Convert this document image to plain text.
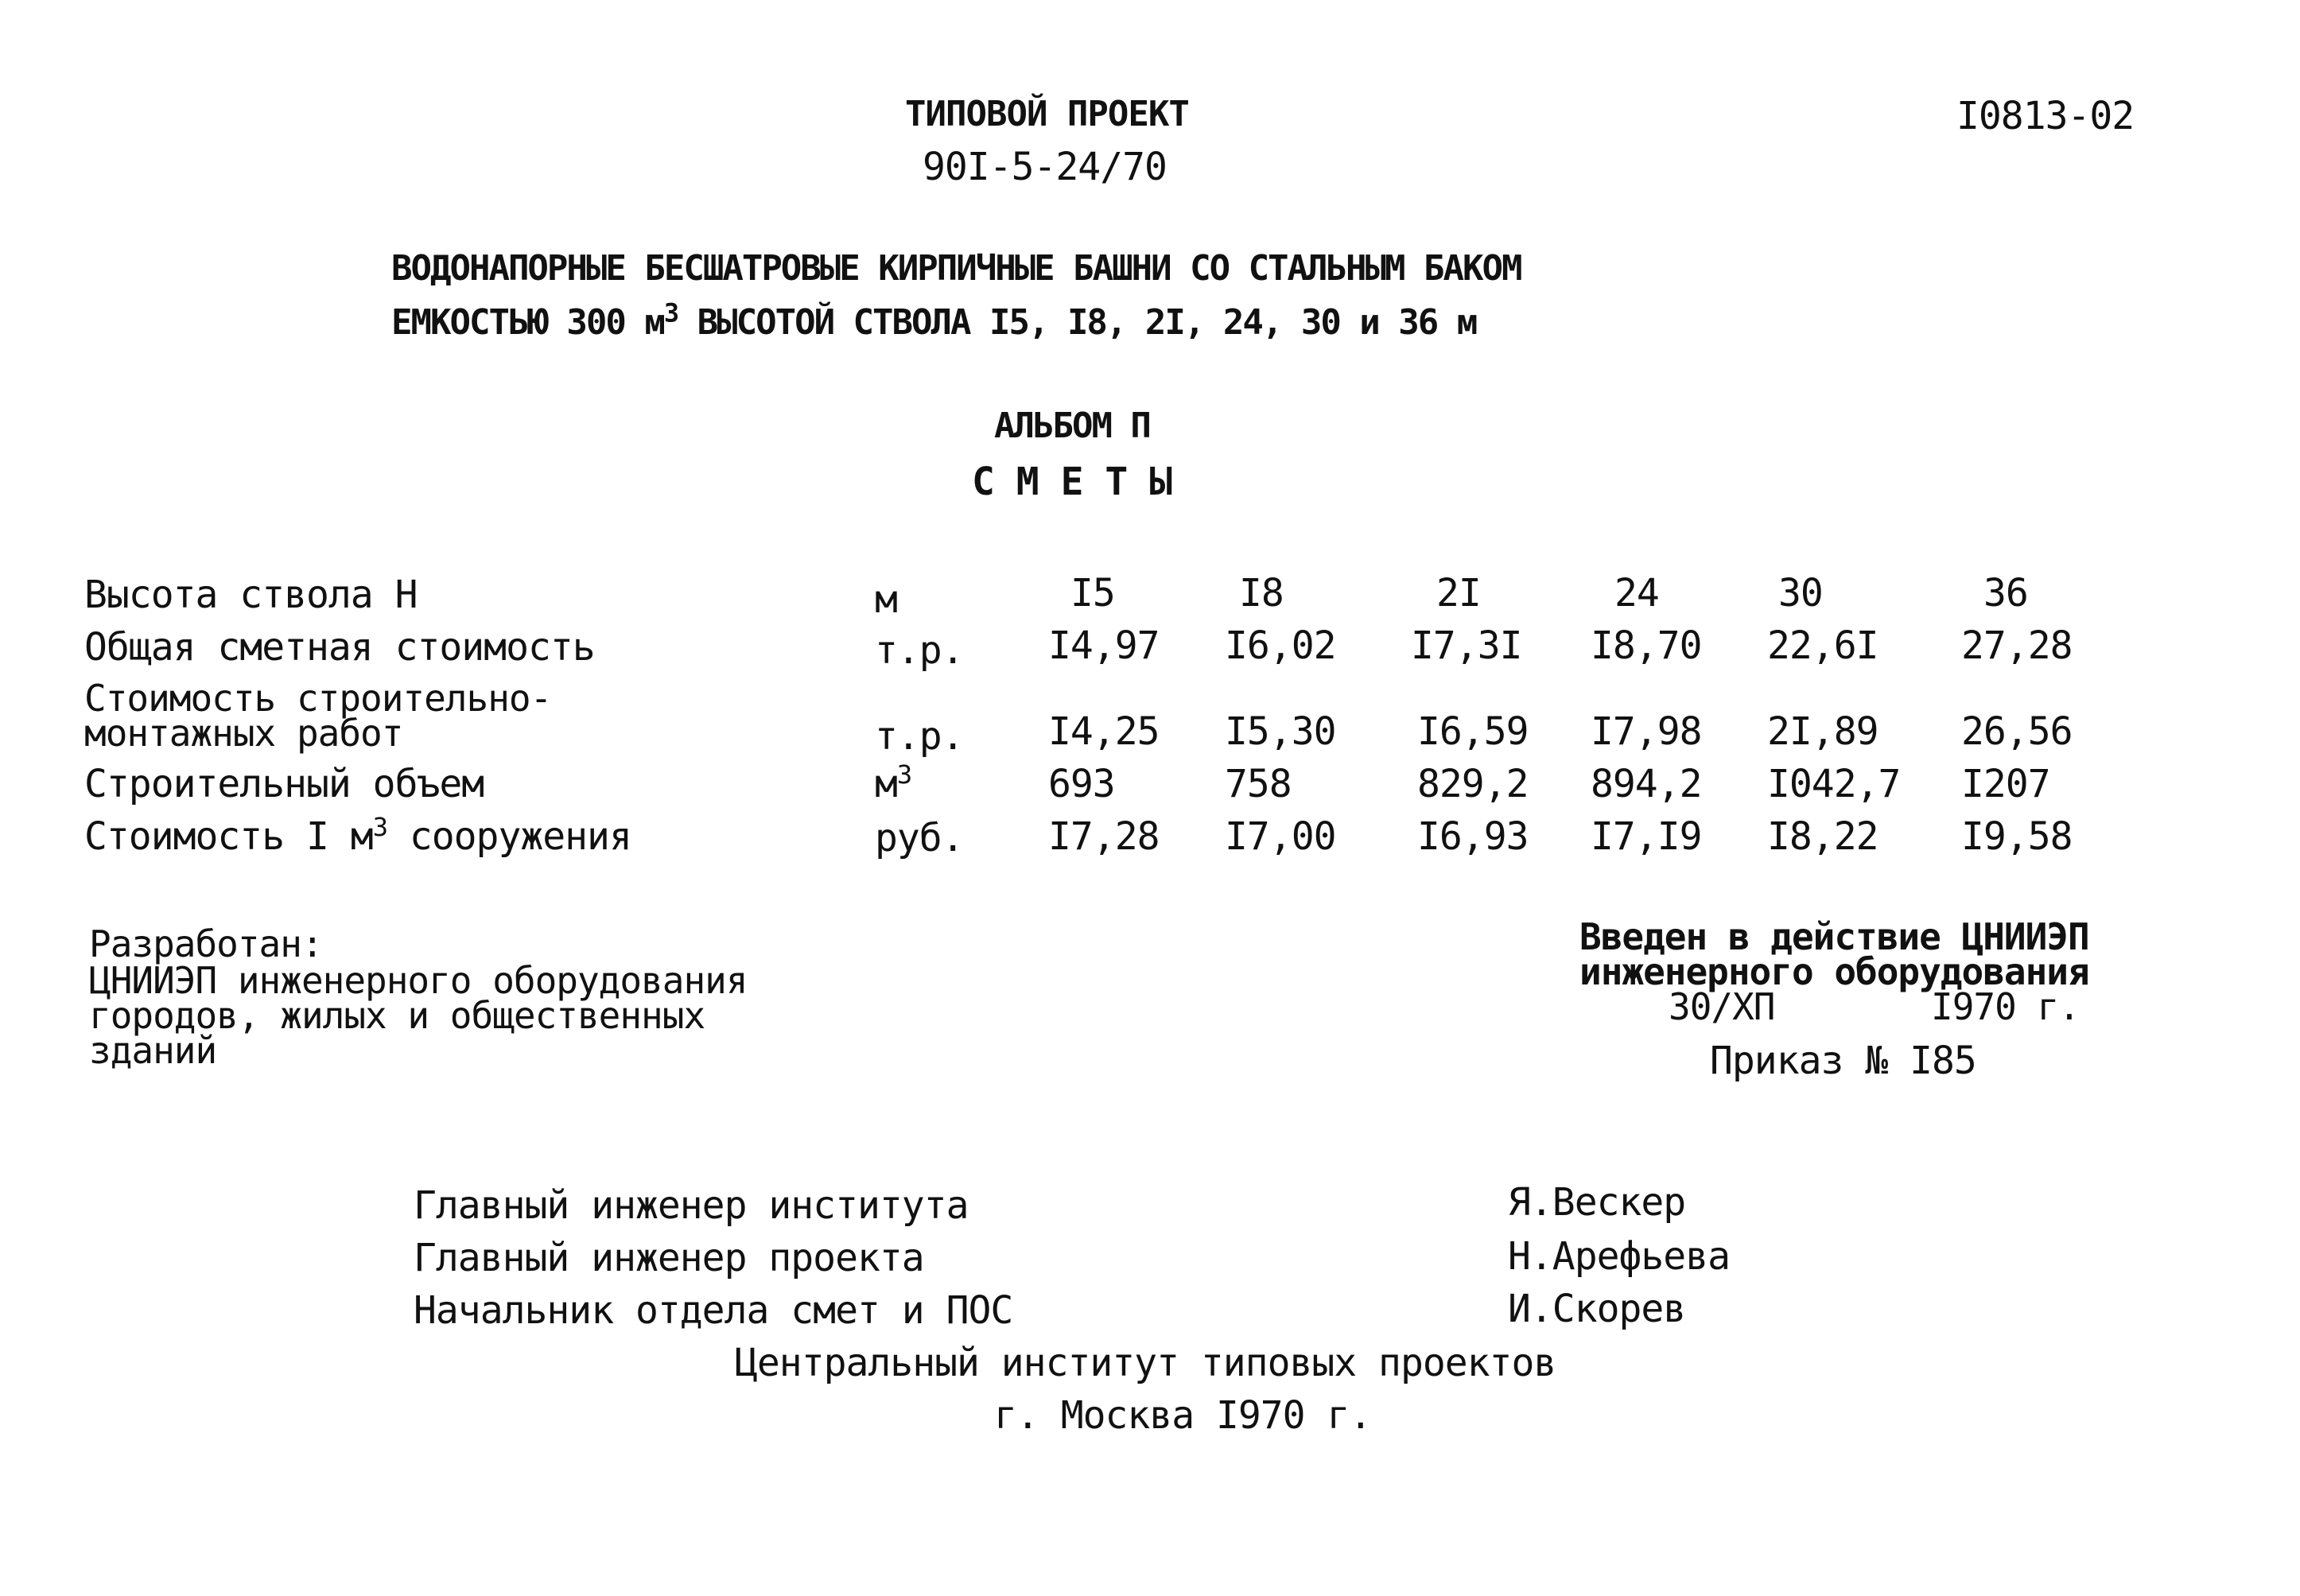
ТИПОВОЙ ПРОЕКТ
90I-5-24/70
I0813-02
ВОДОНАПОРНЫЕ БЕСШАТРОВЫЕ КИРПИЧНЫЕ БАШНИ СО СТАЛЬНЫМ БАКОМ
ЕМКОСТЬЮ 300 $м^3$ ВЫСОТОЙ СТВОЛА I5, I8, 2I, 24, 30 и 36 м
АЛЬБОМ П
С М Е Т Ы
Высота ствола Н	м	I5	I8	2I	24	30	36
Общая сметная стоимость	т.р. I4,97 I6,02 I7,3I I8,70 22,6I 27,28
Стоимость строительно-
монтажных работ	т.р. I4,25 I5,30 I6,59 I7,98 2I,89 26,56
Строительный объем	$м^3$	693	758	829,2 894,2 I042,7 I207
Стоимость I $м^3$ сооружения	руб. I7,28 I7,00 I6,93 I7,I9 I8,22 I9,58
Разработан:
ЦНИИЭП инженерного оборудования
городов, жилых и общественных
зданий
Введен в действие ЦНИИЭП
инженерного оборудования
30/ХП	I970 г.
Приказ № I85
Главный инженер института	Я.Вескер
Главный инженер проекта	Н.Арефьева
Начальник отдела смет и ПОС	И.Скорев
Центральный институт типовых проектов
г. Москва I970 г.
